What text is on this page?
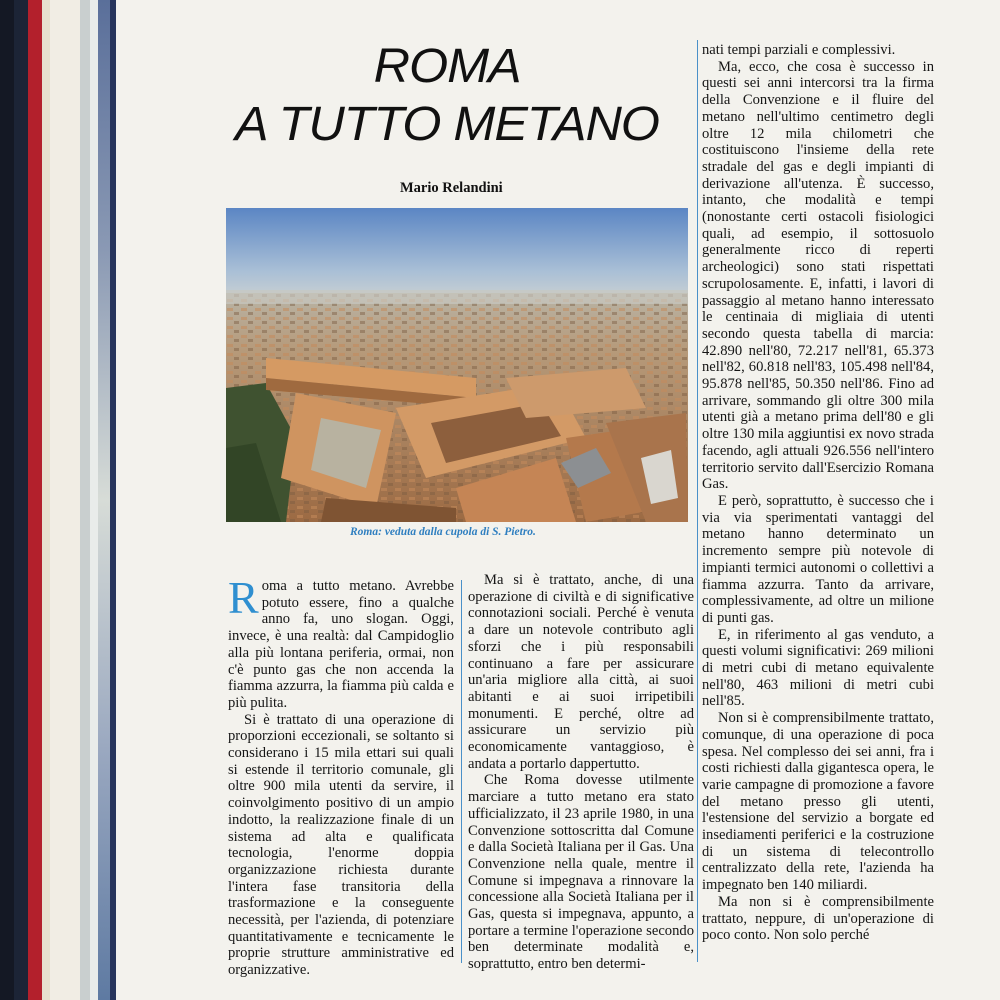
ROMA
A TUTTO METANO

Mario Relandini

Roma: veduta dalla cupola di S. Pietro.

Roma a tutto metano. Avrebbe potuto essere, fino a qualche anno fa, uno slogan. Oggi, invece, è una realtà: dal Campidoglio alla più lontana periferia, ormai, non c'è punto gas che non accenda la fiamma azzurra, la fiamma più calda e più pulita.

Si è trattato di una operazione di proporzioni eccezionali, se soltanto si considerano i 15 mila ettari sui quali si estende il territorio comunale, gli oltre 900 mila utenti da servire, il coinvolgimento positivo di un ampio indotto, la realizzazione finale di un sistema ad alta e qualificata tecnologia, l'enorme doppia organizzazione richiesta durante l'intera fase transitoria della trasformazione e la conseguente necessità, per l'azienda, di potenziare quantitativamente e tecnicamente le proprie strutture amministrative ed organizzative.

Ma si è trattato, anche, di una operazione di civiltà e di significative connotazioni sociali. Perché è venuta a dare un notevole contributo agli sforzi che i più responsabili continuano a fare per assicurare un'aria migliore alla città, ai suoi abitanti e ai suoi irripetibili monumenti. E perché, oltre ad assicurare un servizio più economicamente vantaggioso, è andata a portarlo dappertutto.

Che Roma dovesse utilmente marciare a tutto metano era stato ufficializzato, il 23 aprile 1980, in una Convenzione sottoscritta dal Comune e dalla Società Italiana per il Gas. Una Convenzione nella quale, mentre il Comune si impegnava a rinnovare la concessione alla Società Italiana per il Gas, questa si impegnava, appunto, a portare a termine l'operazione secondo ben determinate modalità e, soprattutto, entro ben determi-

nati tempi parziali e complessivi.

Ma, ecco, che cosa è successo in questi sei anni intercorsi tra la firma della Convenzione e il fluire del metano nell'ultimo centimetro degli oltre 12 mila chilometri che costituiscono l'insieme della rete stradale del gas e degli impianti di derivazione all'utenza. È successo, intanto, che modalità e tempi (nonostante certi ostacoli fisiologici quali, ad esempio, il sottosuolo generalmente ricco di reperti archeologici) sono stati rispettati scrupolosamente. E, infatti, i lavori di passaggio al metano hanno interessato le centinaia di migliaia di utenti secondo questa tabella di marcia: 42.890 nell'80, 72.217 nell'81, 65.373 nell'82, 60.818 nell'83, 105.498 nell'84, 95.878 nell'85, 50.350 nell'86. Fino ad arrivare, sommando gli oltre 300 mila utenti già a metano prima dell'80 e gli oltre 130 mila aggiuntisi ex novo strada facendo, agli attuali 926.556 nell'intero territorio servito dall'Esercizio Romana Gas.

E però, soprattutto, è successo che i via via sperimentati vantaggi del metano hanno determinato un incremento sempre più notevole di impianti termici autonomi o collettivi a fiamma azzurra. Tanto da arrivare, complessivamente, ad oltre un milione di punti gas.

E, in riferimento al gas venduto, a questi volumi significativi: 269 milioni di metri cubi di metano equivalente nell'80, 463 milioni di metri cubi nell'85.

Non si è comprensibilmente trattato, comunque, di una operazione di poca spesa. Nel complesso dei sei anni, fra i costi richiesti dalla gigantesca opera, le varie campagne di promozione a favore del metano presso gli utenti, l'estensione del servizio a borgate ed insediamenti periferici e la costruzione di un sistema di telecontrollo centralizzato della rete, l'azienda ha impegnato ben 140 miliardi.

Ma non si è comprensibilmente trattato, neppure, di un'operazione di poco conto. Non solo perché
